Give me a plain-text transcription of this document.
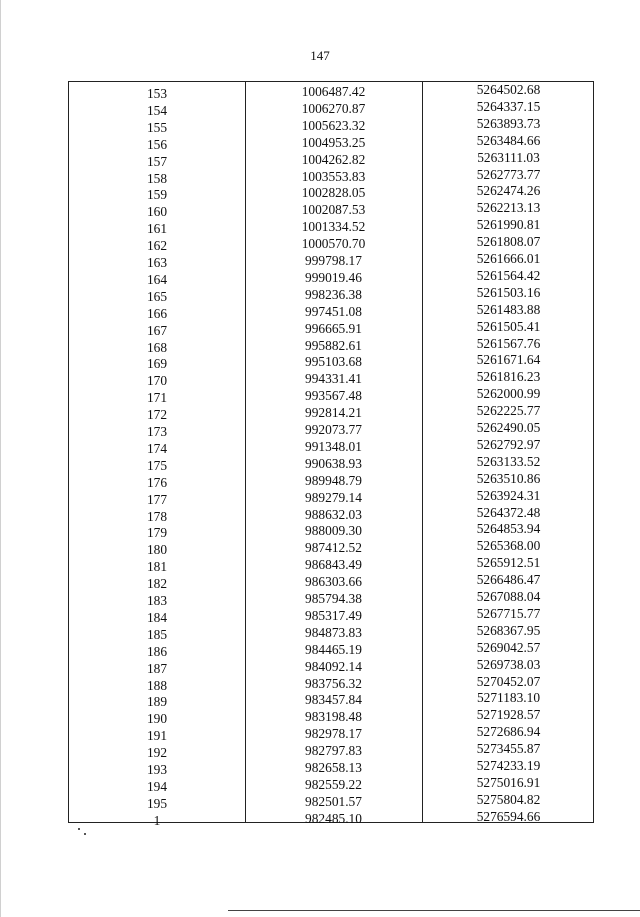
147
153	1006487.42	5264502.68
154	1006270.87	5264337.15
155	1005623.32	5263893.73
156	1004953.25	5263484.66
157	1004262.82	5263111.03
158	1003553.83	5262773.77
159	1002828.05	5262474.26
160	1002087.53	5262213.13
161	1001334.52	5261990.81
162	1000570.70	5261808.07
163	999798.17	5261666.01
164	999019.46	5261564.42
165	998236.38	5261503.16
166	997451.08	5261483.88
167	996665.91	5261505.41
168	995882.61	5261567.76
169	995103.68	5261671.64
170	994331.41	5261816.23
171	993567.48	5262000.99
172	992814.21	5262225.77
173	992073.77	5262490.05
174	991348.01	5262792.97
175	990638.93	5263133.52
176	989948.79	5263510.86
177	989279.14	5263924.31
178	988632.03	5264372.48
179	988009.30	5264853.94
180	987412.52	5265368.00
181	986843.49	5265912.51
182	986303.66	5266486.47
183	985794.38	5267088.04
184	985317.49	5267715.77
185	984873.83	5268367.95
186	984465.19	5269042.57
187	984092.14	5269738.03
188	983756.32	5270452.07
189	983457.84	5271183.10
190	983198.48	5271928.57
191	982978.17	5272686.94
192	982797.83	5273455.87
193	982658.13	5274233.19
194	982559.22	5275016.91
195	982501.57	5275804.82
1	982485.10	5276594.66
